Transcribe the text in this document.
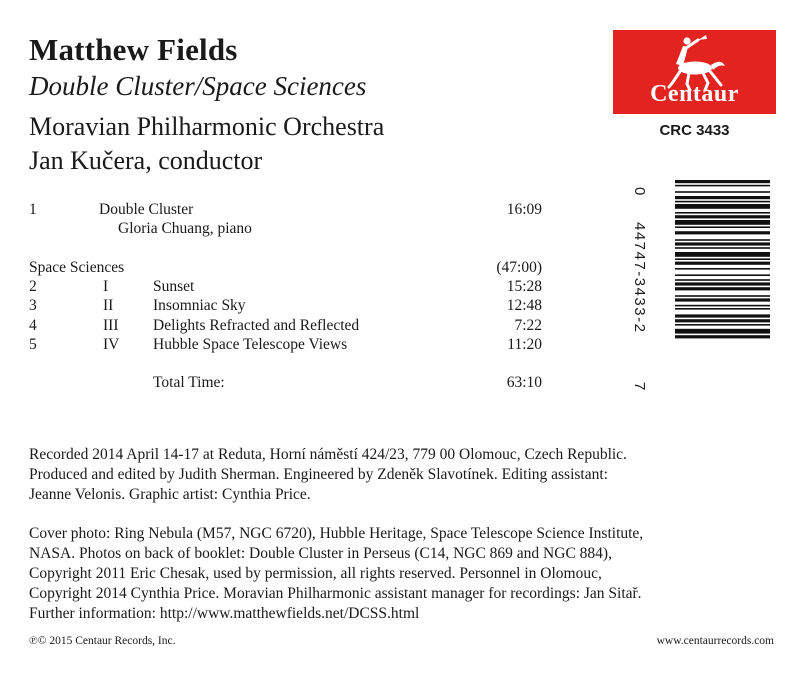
Matthew Fields
Double Cluster/Space Sciences
Moravian Philharmonic Orchestra
Jan Kučera, conductor
Centaur
CRC 3433
1	Double Cluster	16:09
Gloria Chuang, piano
Space Sciences	(47:00)
2	I	Sunset	15:28
3	II	Insomniac Sky	12:48
4	III Delights Refracted and Reflected	7:22
5	IV Hubble Space Telescope Views	11:20
Total Time:	63:10
0
44747-3433-2
7
Recorded 2014 April 14-17 at Reduta, Horní náměstí 424/23, 779 00 Olomouc, Czech Republic.
Produced and edited by Judith Sherman. Engineered by Zdeněk Slavotínek. Editing assistant:
Jeanne Velonis. Graphic artist: Cynthia Price.
Cover photo: Ring Nebula (M57, NGC 6720), Hubble Heritage, Space Telescope Science Institute,
NASA. Photos on back of booklet: Double Cluster in Perseus (C14, NGC 869 and NGC 884),
Copyright 2011 Eric Chesak, used by permission, all rights reserved. Personnel in Olomouc,
Copyright 2014 Cynthia Price. Moravian Philharmonic assistant manager for recordings: Jan Sitař.
Further information: http://www.matthewfields.net/DCSS.html
℗© 2015 Centaur Records, Inc.	www.centaurrecords.com
